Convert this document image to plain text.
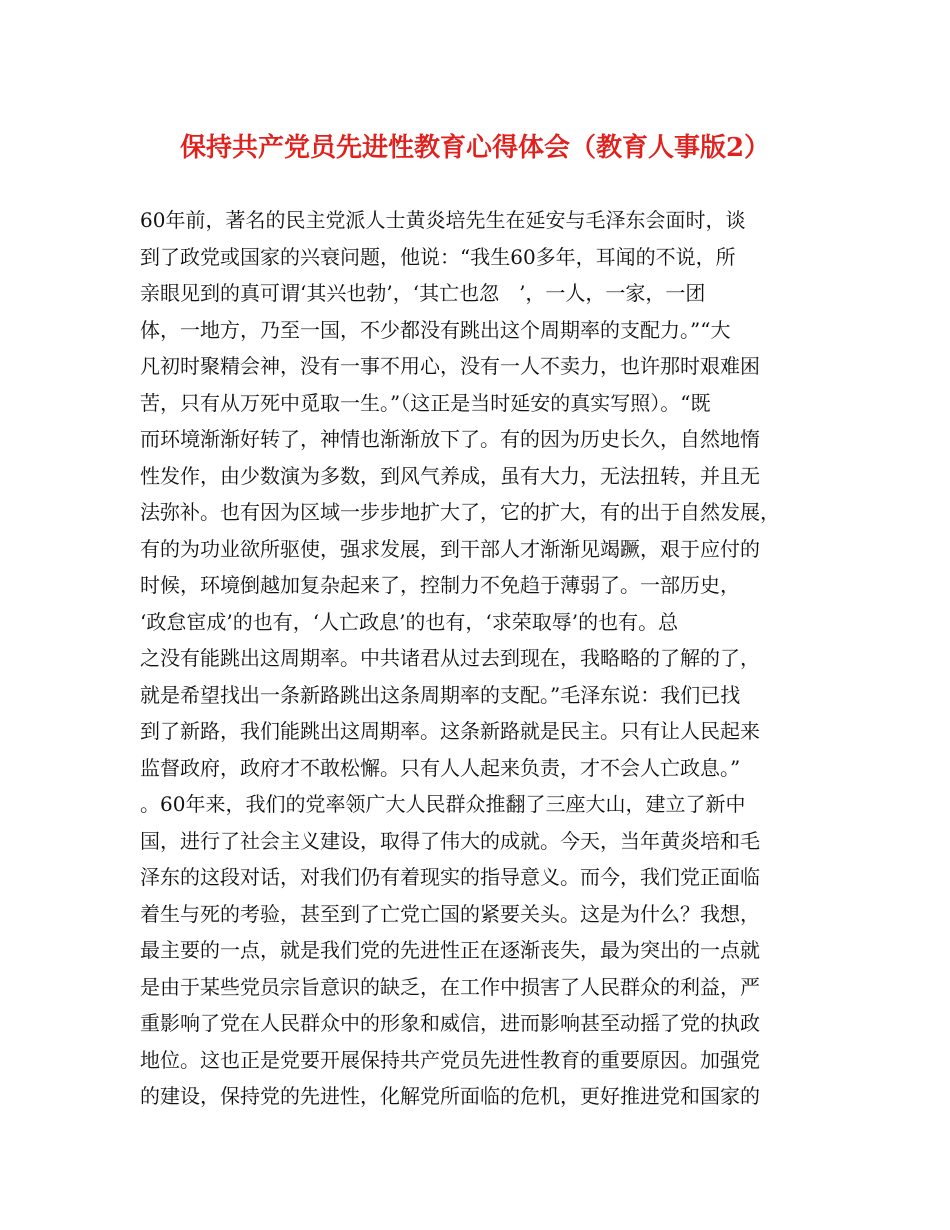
保持共产党员先进性教育心得体会（教育人事版2）
60年前，著名的民主党派人士黄炎培先生在延安与毛泽东会面时，谈
到了政党或国家的兴衰问题，他说：“我生60多年，耳闻的不说，所
亲眼见到的真可谓‘其兴也勃’，‘其亡也忽　’，一人，一家，一团
体，一地方，乃至一国，不少都没有跳出这个周期率的支配力。”“大
凡初时聚精会神，没有一事不用心，没有一人不卖力，也许那时艰难困
苦，只有从万死中觅取一生。”（这正是当时延安的真实写照）。“既
而环境渐渐好转了，神情也渐渐放下了。有的因为历史长久，自然地惰
性发作，由少数演为多数，到风气养成，虽有大力，无法扭转，并且无
法弥补。也有因为区域一步步地扩大了，它的扩大，有的出于自然发展，
有的为功业欲所驱使，强求发展，到干部人才渐渐见竭蹶，艰于应付的
时候，环境倒越加复杂起来了，控制力不免趋于薄弱了。一部历史，
‘政怠宦成’的也有，‘人亡政息’的也有，‘求荣取辱’的也有。总
之没有能跳出这周期率。中共诸君从过去到现在，我略略的了解的了，
就是希望找出一条新路跳出这条周期率的支配。”毛泽东说：我们已找
到了新路，我们能跳出这周期率。这条新路就是民主。只有让人民起来
监督政府，政府才不敢松懈。只有人人起来负责，才不会人亡政息。”
。60年来，我们的党率领广大人民群众推翻了三座大山，建立了新中
国，进行了社会主义建设，取得了伟大的成就。今天，当年黄炎培和毛
泽东的这段对话，对我们仍有着现实的指导意义。而今，我们党正面临
着生与死的考验，甚至到了亡党亡国的紧要关头。这是为什么？我想，
最主要的一点，就是我们党的先进性正在逐渐丧失，最为突出的一点就
是由于某些党员宗旨意识的缺乏，在工作中损害了人民群众的利益，严
重影响了党在人民群众中的形象和威信，进而影响甚至动摇了党的执政
地位。这也正是党要开展保持共产党员先进性教育的重要原因。加强党
的建设，保持党的先进性，化解党所面临的危机，更好推进党和国家的
